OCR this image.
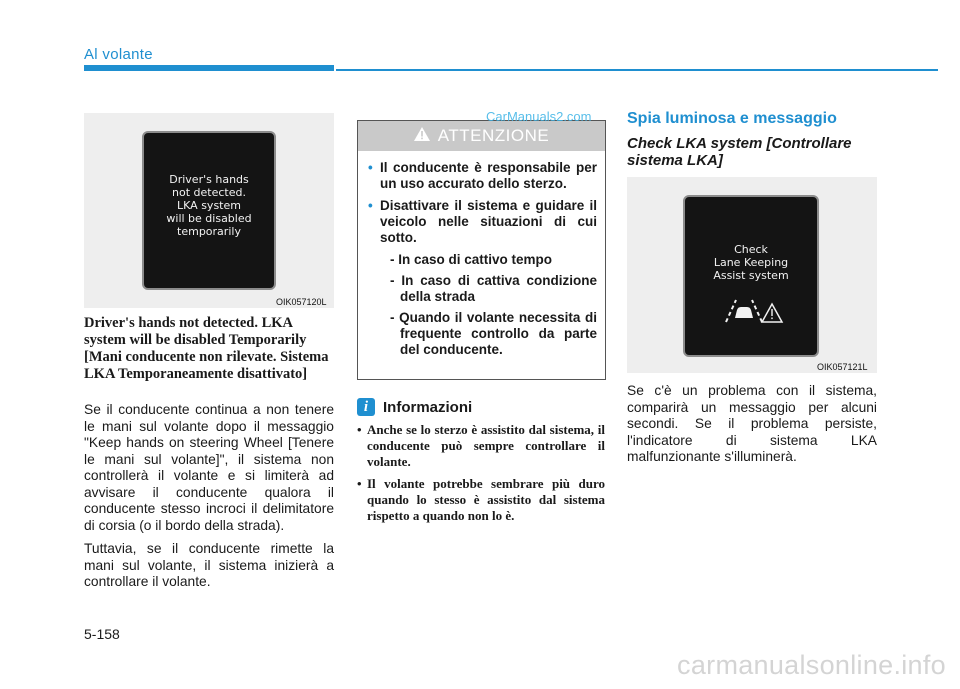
Al volante
Driver's hands
not detected.
LKA system
will be disabled
temporarily
OIK057120L
Driver's hands not detected. LKA system will be disabled Temporarily [Mani conducente non rilevate. Sistema LKA Temporaneamente disattivato]

Se il conducente continua a non tenere le mani sul volante dopo il messaggio "Keep hands on steering Wheel [Tenere le mani sul volante]", il sistema non controllerà il volante e si limiterà ad avvisare il conducente qualora il conducente stesso incroci il delimitatore di corsia (o il bordo della strada).

Tuttavia, se il conducente rimette la mani sul volante, il sistema inizierà a controllare il volante.

ATTENZIONE
• Il conducente è responsabile per un uso accurato dello sterzo.
• Disattivare il sistema e guidare il veicolo nelle situazioni di cui sotto.
- In caso di cattivo tempo
- In caso di cattiva condizione della strada
- Quando il volante necessita di frequente controllo da parte del conducente.
i Informazioni
• Anche se lo sterzo è assistito dal sistema, il conducente può sempre controllare il volante.
• Il volante potrebbe sembrare più duro quando lo stesso è assistito dal sistema rispetto a quando non lo è.
CarManuals2.com Spia luminosa e messaggio
Check LKA system [Controllare sistema LKA]
Check
Lane Keeping
Assist system
OIK057121L

Se c'è un problema con il sistema, comparirà un messaggio per alcuni secondi. Se il problema persiste, l'indicatore di sistema LKA malfunzionante s'illuminerà.

5-158
carmanualsonline.info
